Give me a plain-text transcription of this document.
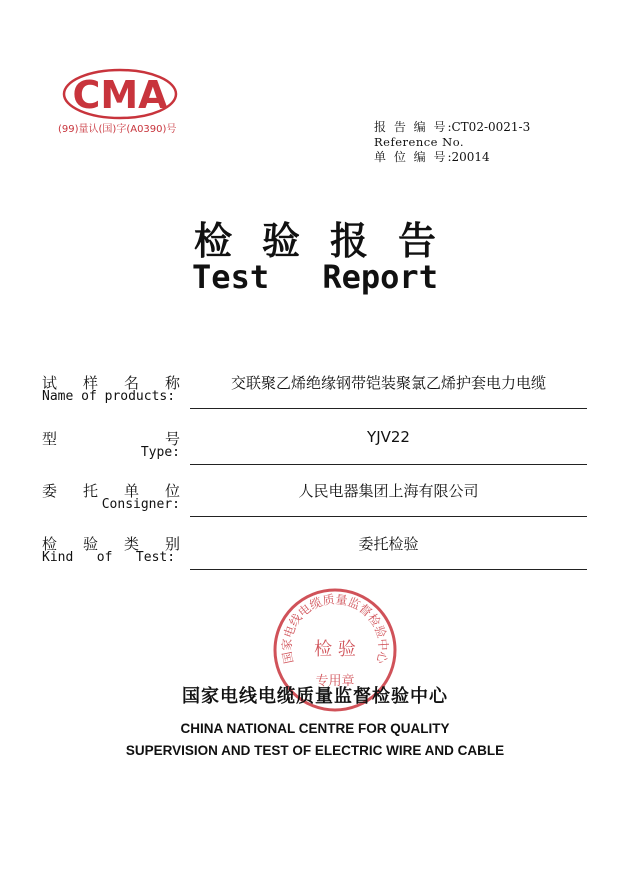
CMA
(99)量认(国)字(A0390)号	报 告 编 号 : CT02-0021-3
Reference No.
单 位 编 号 : 20014
检验报告
Test Report
试 样 名 称
Name of products:
交联聚乙烯绝缘钢带铠装聚氯乙烯护套电力电缆
型	号
Type:
YJV22
委 托 单 位
Consigner:
人民电器集团上海有限公司
检 验 类 别
Kind   of   Test:
委托检验
国家电线电缆质量监督检验中心
检 验
专用章
国家电线电缆质量监督检验中心
CHINA NATIONAL CENTRE FOR QUALITY
SUPERVISION AND TEST OF ELECTRIC WIRE AND CABLE
